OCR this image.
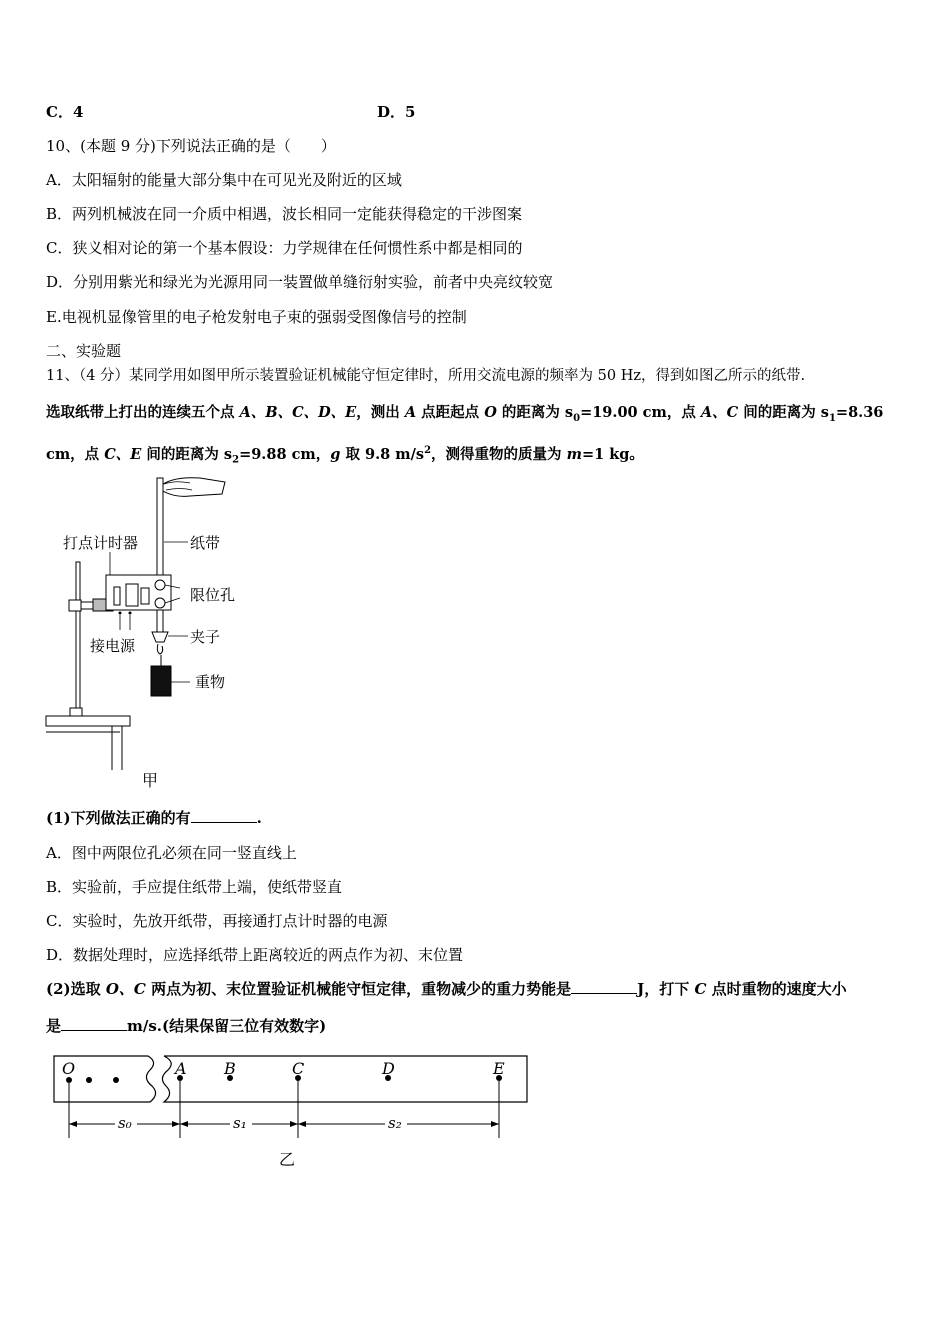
C．4	D．5
10、(本题 9 分)下列说法正确的是（　　）
A．太阳辐射的能量大部分集中在可见光及附近的区域
B．两列机械波在同一介质中相遇，波长相同一定能获得稳定的干涉图案
C．狭义相对论的第一个基本假设：力学规律在任何惯性系中都是相同的
D．分别用紫光和绿光为光源用同一装置做单缝衍射实验，前者中央亮纹较宽
E.电视机显像管里的电子枪发射电子束的强弱受图像信号的控制
二、实验题
11、（4 分）某同学用如图甲所示装置验证机械能守恒定律时，所用交流电源的频率为 50 Hz，得到如图乙所示的纸带.
选取纸带上打出的连续五个点 A、B、C、D、E，测出 A 点距起点 O 的距离为 $s_0=19.00$ cm，点 A、C 间的距离为 $s_1=8.36$
cm，点 C、E 间的距离为 $s_2=9.88$ cm，g 取 9.8 $m/s^2$，测得重物的质量为 m=1 kg。
打点计时器	纸带
限位孔
接电源	夹子
重物
甲
(1)下列做法正确的有	.
A．图中两限位孔必须在同一竖直线上
B．实验前，手应提住纸带上端，使纸带竖直
C．实验时，先放开纸带，再接通打点计时器的电源
D．数据处理时，应选择纸带上距离较近的两点作为初、末位置
(2)选取 O、C 两点为初、末位置验证机械能守恒定律，重物减少的重力势能是	J，打下 C 点时重物的速度大小
是	m/s.(结果保留三位有效数字)
O	A B	C	D	E
s₀	s₁	s₂
乙
